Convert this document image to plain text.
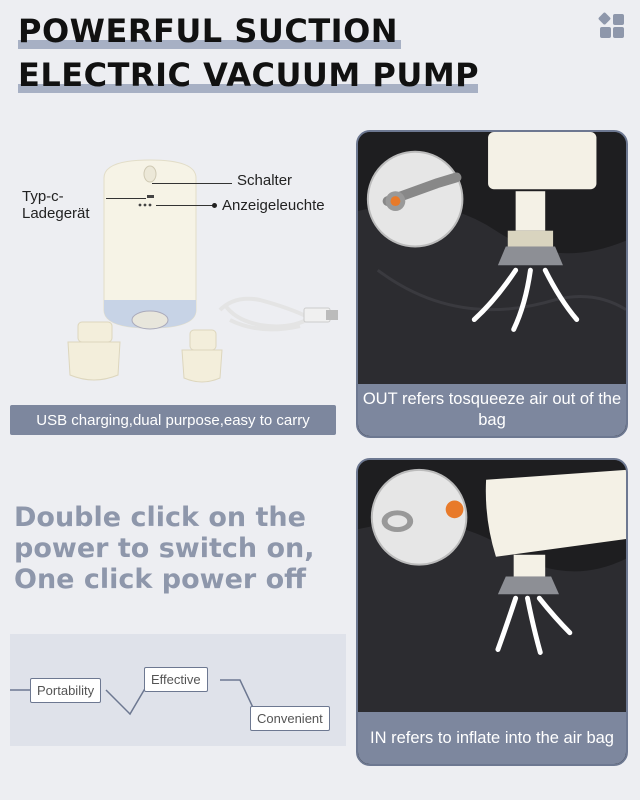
POWERFUL SUCTION
ELECTRIC VACUUM PUMP
Schalter
Anzeigeleuchte
Typ-c-
Ladegerät
USB charging,dual purpose,easy to carry
OUT refers tosqueeze air out of the bag
IN refers to inflate into the air bag
Double click on the
power to switch on,
One click power off
Portability
Effective
Convenient
